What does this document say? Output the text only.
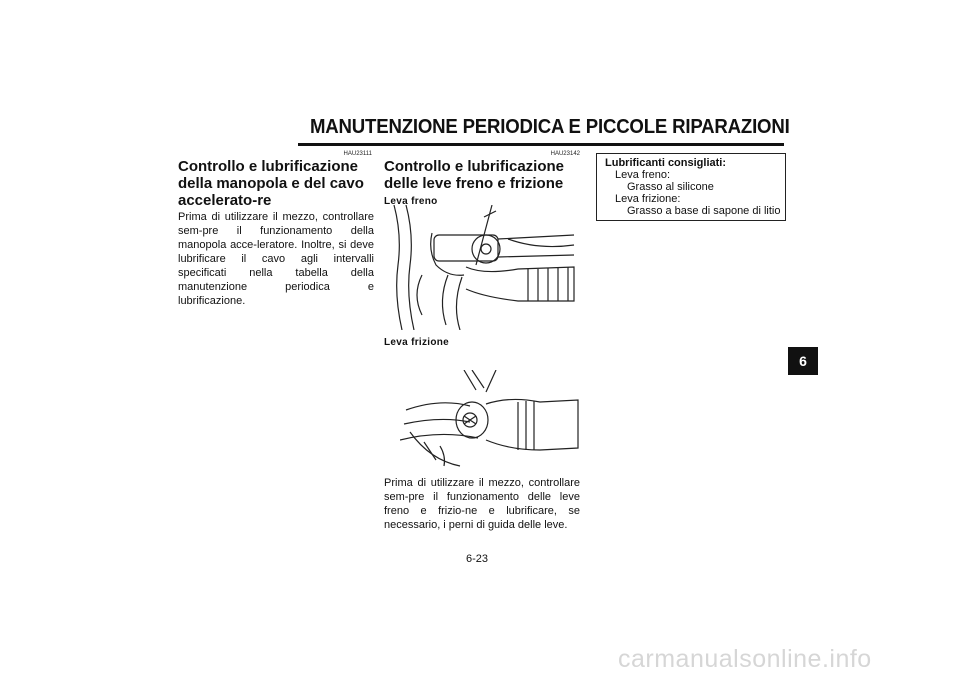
MANUTENZIONE PERIODICA E PICCOLE RIPARAZIONI
HAU23111
Controllo e lubrificazione della manopola e del cavo accelerato-re
Prima di utilizzare il mezzo, controllare sem-pre il funzionamento della manopola acce-leratore. Inoltre, si deve lubrificare il cavo agli intervalli specificati nella tabella della manutenzione periodica e lubrificazione.
HAU23142
Controllo e lubrificazione delle leve freno e frizione
Leva freno
Leva frizione
Prima di utilizzare il mezzo, controllare sem-pre il funzionamento delle leve freno e frizio-ne e lubrificare, se necessario, i perni di guida delle leve.
Lubrificanti consigliati:
Leva freno:
Grasso al silicone
Leva frizione:
Grasso a base di sapone di litio
6
6-23
carmanualsonline.info
